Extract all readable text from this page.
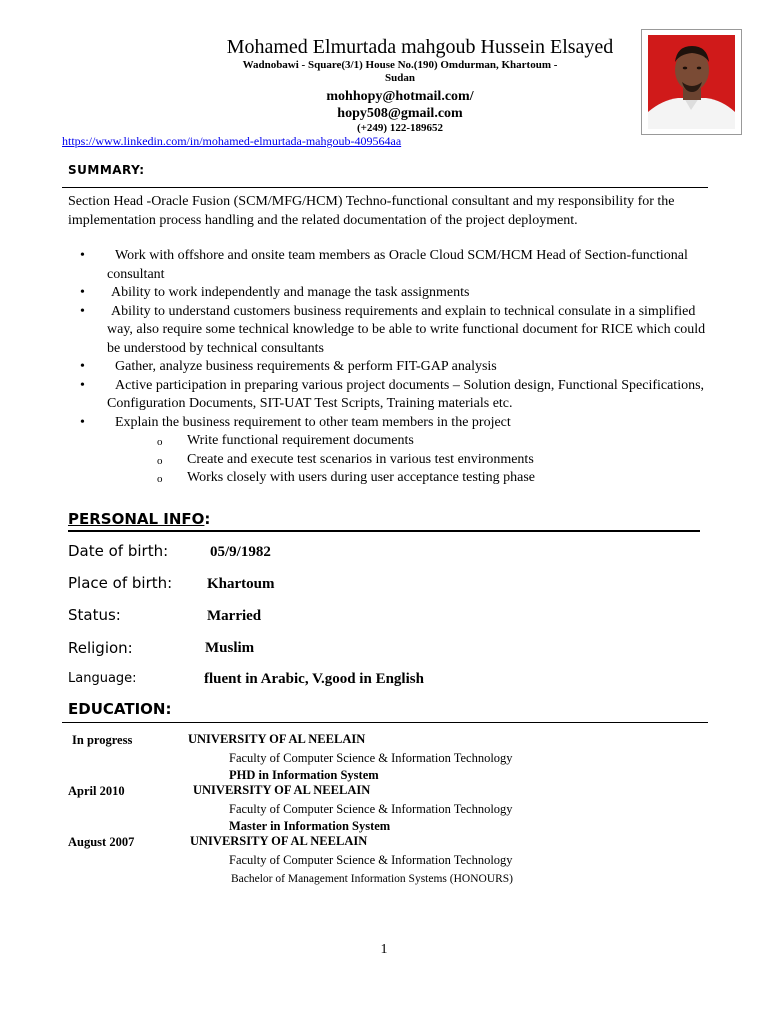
Mohamed Elmurtada mahgoub Hussein Elsayed
Wadnobawi - Square(3/1) House No.(190) Omdurman, Khartoum -
Sudan
mohhopy@hotmail.com/
hopy508@gmail.com
(+249) 122-189652
https://www.linkedin.com/in/mohamed-elmurtada-mahgoub-409564aa
SUMMARY:
Section Head -Oracle Fusion (SCM/MFG/HCM) Techno-functional consultant and my responsibility for the implementation process handling and the related documentation of the project deployment.
• Work with offshore and onsite team members as Oracle Cloud SCM/HCM Head of Section-functional consultant
• Ability to work independently and manage the task assignments
• Ability to understand customers business requirements and explain to technical consulate in a simplified way, also require some technical knowledge to be able to write functional document for RICE which could be understood by technical consultants
• Gather, analyze business requirements & perform FIT-GAP analysis
• Active participation in preparing various project documents – Solution design, Functional Specifications, Configuration Documents, SIT-UAT Test Scripts, Training materials etc.
• Explain the business requirement to other team members in the project
o Write functional requirement documents
o Create and execute test scenarios in various test environments
o Works closely with users during user acceptance testing phase
PERSONAL INFO:
Date of birth:	05/9/1982
Place of birth: Khartoum
Status:	Married
Religion:	Muslim
Language:	fluent in Arabic, V.good in English
EDUCATION:
In progress	UNIVERSITY OF AL NEELAIN
Faculty of Computer Science & Information Technology
PHD in Information System
April 2010	UNIVERSITY OF AL NEELAIN
Faculty of Computer Science & Information Technology
Master in Information System
August 2007	UNIVERSITY OF AL NEELAIN
Faculty of Computer Science & Information Technology
Bachelor of Management Information Systems (HONOURS)
1
